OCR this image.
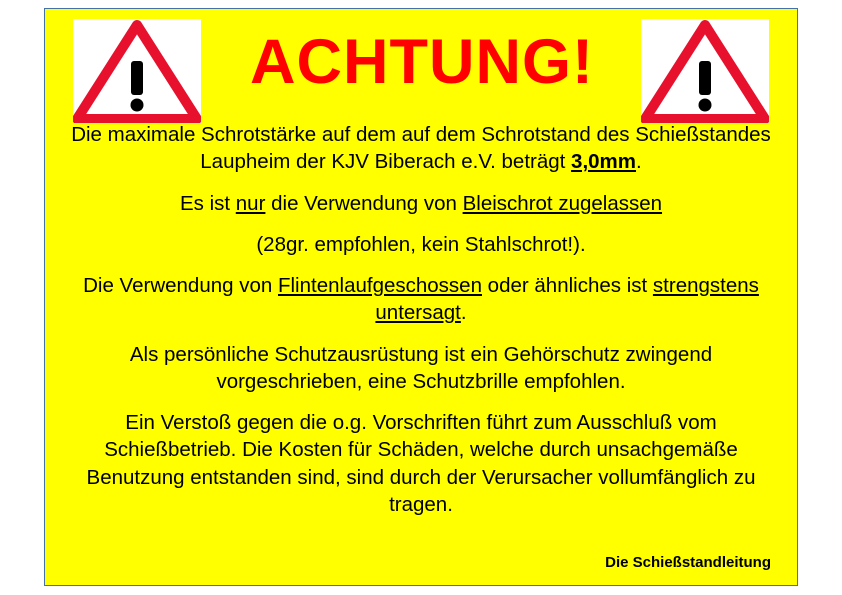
ACHTUNG!

Die maximale Schrotstärke auf dem auf dem Schrotstand des Schießstandes Laupheim der KJV Biberach e.V. beträgt 3,0mm.

Es ist nur die Verwendung von Bleischrot zugelassen

(28gr. empfohlen, kein Stahlschrot!).

Die Verwendung von Flintenlaufgeschossen oder ähnliches ist strengstens untersagt.

Als persönliche Schutzausrüstung ist ein Gehörschutz zwingend vorgeschrieben, eine Schutzbrille empfohlen.

Ein Verstoß gegen die o.g. Vorschriften führt zum Ausschluß vom Schießbetrieb. Die Kosten für Schäden, welche durch unsachgemäße Benutzung entstanden sind, sind durch der Verursacher vollumfänglich zu tragen.

Die Schießstandleitung
